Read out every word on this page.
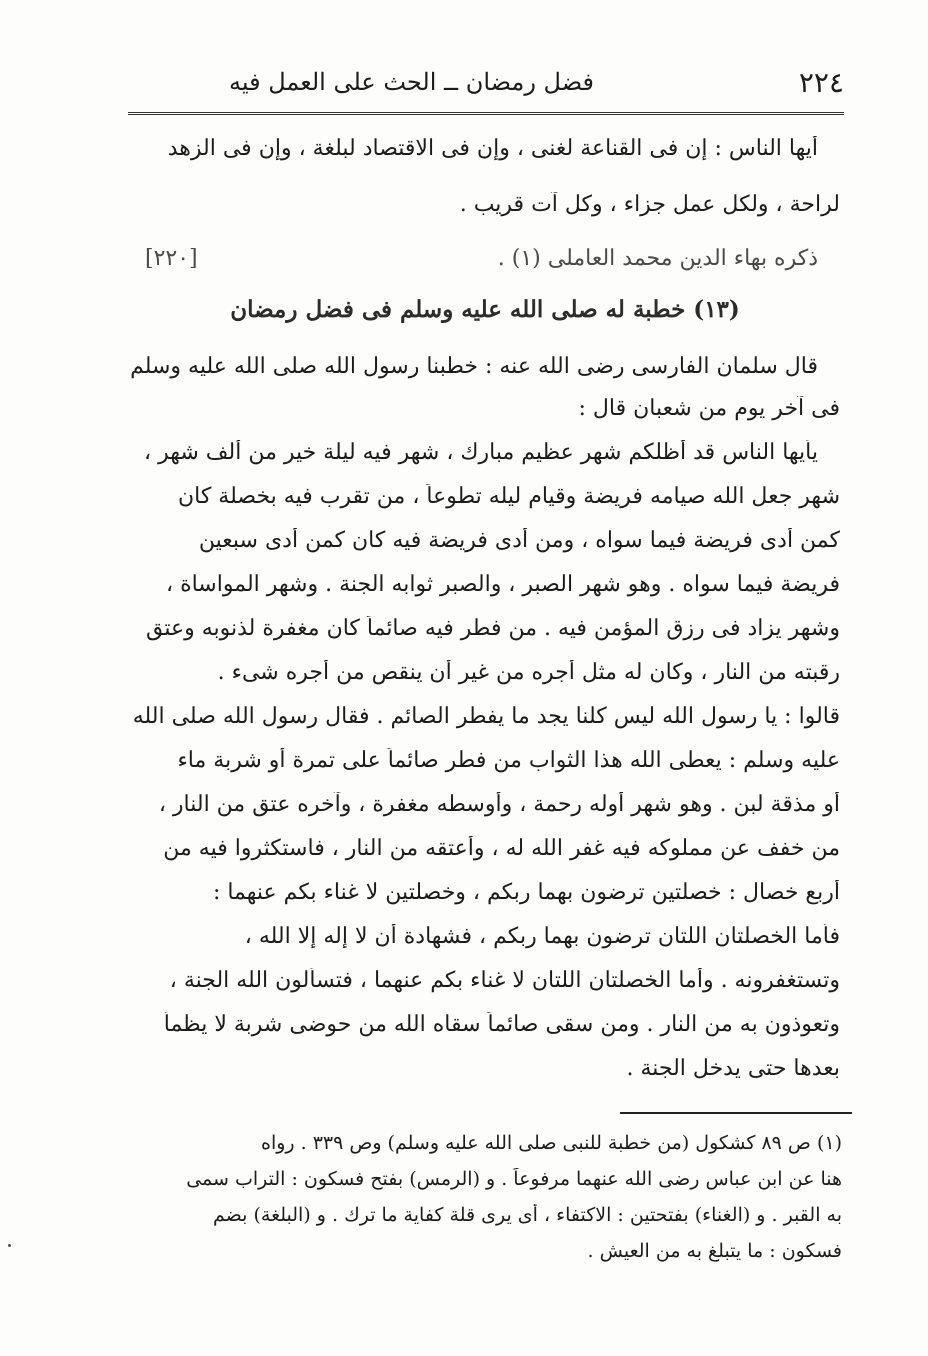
٢٢٤
فضل رمضان ــ الحث على العمل فيه
أيها الناس : إن فى القناعة لغنى ، وإن فى الاقتصاد لبلغة ، وإن فى الزهد
لراحة ، ولكل عمل جزاء ، وكل آت قريب .
ذكره بهاء الدين محمد العاملى (١) .
[٢٢٠]
(١٣) خطبة له صلى الله عليه وسلم فى فضل رمضان
قال سلمان الفارسى رضى الله عنه : خطبنا رسول الله صلى الله عليه وسلم
فى آخر يوم من شعبان قال :
يأيها الناس قد أظلكم شهر عظيم مبارك ، شهر فيه ليلة خير من ألف شهر ،
شهر جعل الله صيامه فريضة وقيام ليله تطوعاً ، من تقرب فيه بخصلة كان
كمن أدى فريضة فيما سواه ، ومن أدى فريضة فيه كان كمن أدى سبعين
فريضة فيما سواه . وهو شهر الصبر ، والصبر ثوابه الجنة . وشهر المواساة ،
وشهر يزاد فى رزق المؤمن فيه . من فطر فيه صائماً كان مغفرة لذنوبه وعتق
رقبته من النار ، وكان له مثل أجره من غير أن ينقص من أجره شىء .
قالوا : يا رسول الله ليس كلنا يجد ما يفطر الصائم . فقال رسول الله صلى الله
عليه وسلم : يعطى الله هذا الثواب من فطر صائماً على تمرة أو شربة ماء
أو مذقة لبن . وهو شهر أوله رحمة ، وأوسطه مغفرة ، وآخره عتق من النار ،
من خفف عن مملوكه فيه غفر الله له ، وأعتقه من النار ، فاستكثروا فيه من
أربع خصال : خصلتين ترضون بهما ربكم ، وخصلتين لا غناء بكم عنهما :
فأما الخصلتان اللتان ترضون بهما ربكم ، فشهادة أن لا إله إلا الله ،
وتستغفرونه . وأما الخصلتان اللتان لا غناء بكم عنهما ، فتسألون الله الجنة ،
وتعوذون به من النار . ومن سقى صائماً سقاه الله من حوضى شربة لا يظمأ
بعدها حتى يدخل الجنة .
(١) ص ٨٩ كشكول (من خطبة للنبى صلى الله عليه وسلم) وص ٣٣٩ . رواه
هنا عن ابن عباس رضى الله عنهما مرفوعاً . و (الرمس) بفتح فسكون : التراب سمى
به القبر . و (الغناء) بفتحتين : الاكتفاء ، أى يرى قلة كفاية ما ترك . و (البلغة) بضم
فسكون : ما يتبلغ به من العيش .
